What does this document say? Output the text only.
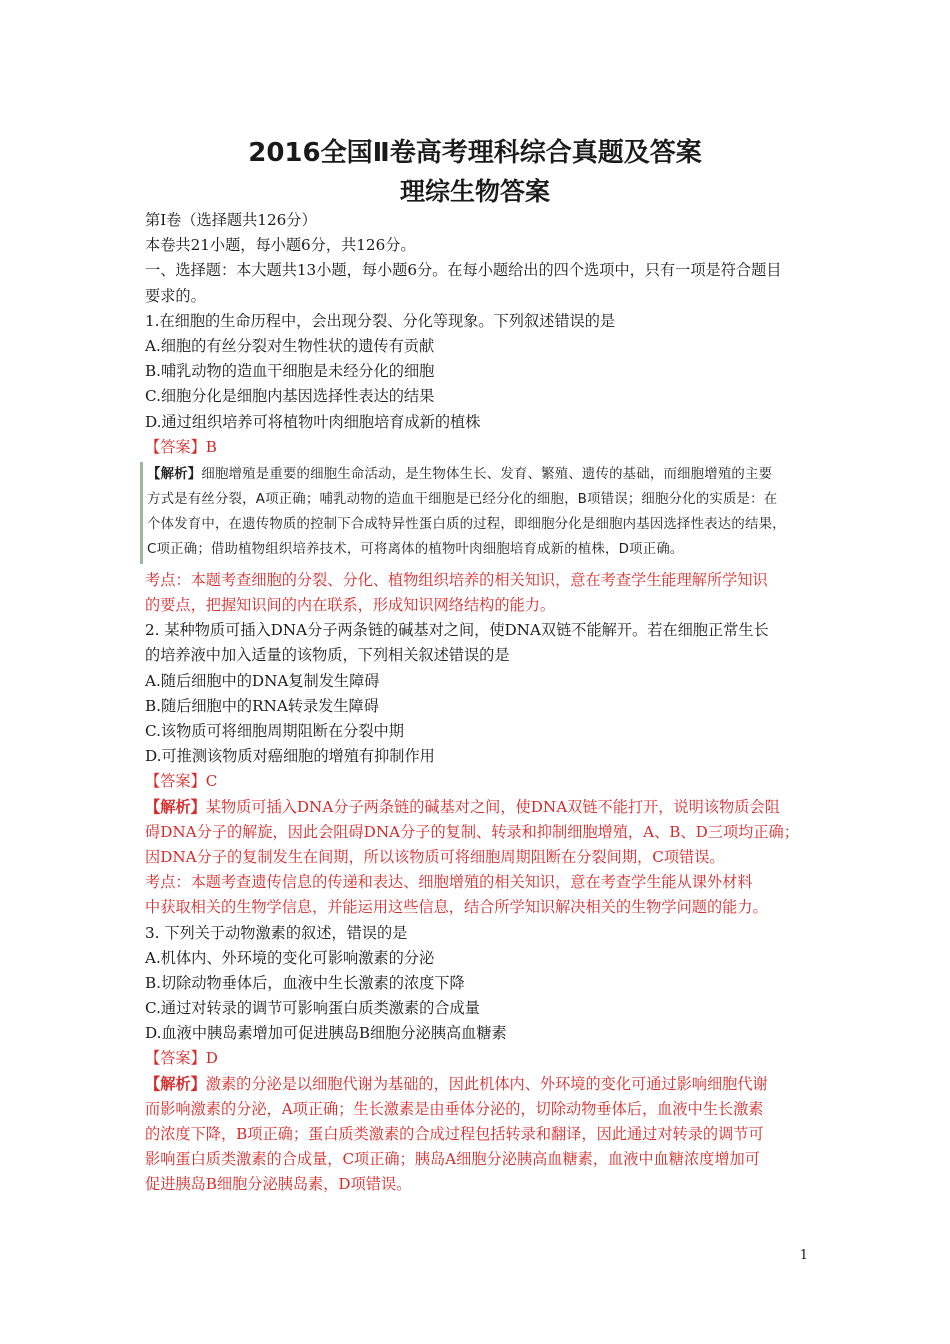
2016全国Ⅱ卷高考理科综合真题及答案
理综生物答案
第Ⅰ卷（选择题共126分）
本卷共21小题，每小题6分，共126分。
一、选择题：本大题共13小题，每小题6分。在每小题给出的四个选项中，只有一项是符合题目
要求的。
1.在细胞的生命历程中，会出现分裂、分化等现象。下列叙述错误的是
A.细胞的有丝分裂对生物性状的遗传有贡献
B.哺乳动物的造血干细胞是未经分化的细胞
C.细胞分化是细胞内基因选择性表达的结果
D.通过组织培养可将植物叶肉细胞培育成新的植株
【答案】B
【解析】细胞增殖是重要的细胞生命活动，是生物体生长、发育、繁殖、遗传的基础，而细胞增殖的主要
方式是有丝分裂，A项正确；哺乳动物的造血干细胞是已经分化的细胞，B项错误；细胞分化的实质是：在
个体发育中，在遗传物质的控制下合成特异性蛋白质的过程，即细胞分化是细胞内基因选择性表达的结果，
C项正确；借助植物组织培养技术，可将离体的植物叶肉细胞培育成新的植株，D项正确。
考点：本题考查细胞的分裂、分化、植物组织培养的相关知识，意在考查学生能理解所学知识
的要点，把握知识间的内在联系，形成知识网络结构的能力。
2. 某种物质可插入DNA分子两条链的碱基对之间，使DNA双链不能解开。若在细胞正常生长
的培养液中加入适量的该物质，下列相关叙述错误的是
A.随后细胞中的DNA复制发生障碍
B.随后细胞中的RNA转录发生障碍
C.该物质可将细胞周期阻断在分裂中期
D.可推测该物质对癌细胞的增殖有抑制作用
【答案】C
【解析】某物质可插入DNA分子两条链的碱基对之间，使DNA双链不能打开，说明该物质会阻
碍DNA分子的解旋，因此会阻碍DNA分子的复制、转录和抑制细胞增殖，A、B、D三项均正确；
因DNA分子的复制发生在间期，所以该物质可将细胞周期阻断在分裂间期，C项错误。
考点：本题考查遗传信息的传递和表达、细胞增殖的相关知识，意在考查学生能从课外材料
中获取相关的生物学信息，并能运用这些信息，结合所学知识解决相关的生物学问题的能力。
3. 下列关于动物激素的叙述，错误的是
A.机体内、外环境的变化可影响激素的分泌
B.切除动物垂体后，血液中生长激素的浓度下降
C.通过对转录的调节可影响蛋白质类激素的合成量
D.血液中胰岛素增加可促进胰岛B细胞分泌胰高血糖素
【答案】D
【解析】激素的分泌是以细胞代谢为基础的，因此机体内、外环境的变化可通过影响细胞代谢
而影响激素的分泌，A项正确；生长激素是由垂体分泌的，切除动物垂体后，血液中生长激素
的浓度下降，B项正确；蛋白质类激素的合成过程包括转录和翻译，因此通过对转录的调节可
影响蛋白质类激素的合成量，C项正确；胰岛A细胞分泌胰高血糖素，血液中血糖浓度增加可
促进胰岛B细胞分泌胰岛素，D项错误。
1
